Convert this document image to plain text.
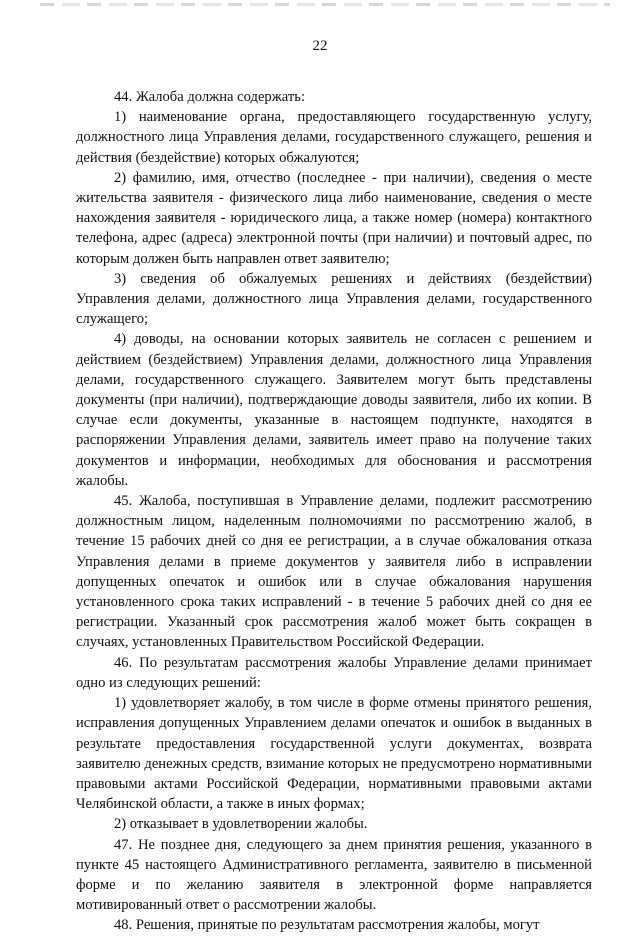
22

44. Жалоба должна содержать:

1) наименование органа, предоставляющего государственную услугу, должностного лица Управления делами, государственного служащего, решения и действия (бездействие) которых обжалуются;

2) фамилию, имя, отчество (последнее - при наличии), сведения о месте жительства заявителя - физического лица либо наименование, сведения о месте нахождения заявителя - юридического лица, а также номер (номера) контактного телефона, адрес (адреса) электронной почты (при наличии) и почтовый адрес, по которым должен быть направлен ответ заявителю;

3) сведения об обжалуемых решениях и действиях (бездействии) Управления делами, должностного лица Управления делами, государственного служащего;

4) доводы, на основании которых заявитель не согласен с решением и действием (бездействием) Управления делами, должностного лица Управления делами, государственного служащего. Заявителем могут быть представлены документы (при наличии), подтверждающие доводы заявителя, либо их копии. В случае если документы, указанные в настоящем подпункте, находятся в распоряжении Управления делами, заявитель имеет право на получение таких документов и информации, необходимых для обоснования и рассмотрения жалобы.

45. Жалоба, поступившая в Управление делами, подлежит рассмотрению должностным лицом, наделенным полномочиями по рассмотрению жалоб, в течение 15 рабочих дней со дня ее регистрации, а в случае обжалования отказа Управления делами в приеме документов у заявителя либо в исправлении допущенных опечаток и ошибок или в случае обжалования нарушения установленного срока таких исправлений - в течение 5 рабочих дней со дня ее регистрации. Указанный срок рассмотрения жалоб может быть сокращен в случаях, установленных Правительством Российской Федерации.

46. По результатам рассмотрения жалобы Управление делами принимает одно из следующих решений:

1) удовлетворяет жалобу, в том числе в форме отмены принятого решения, исправления допущенных Управлением делами опечаток и ошибок в выданных в результате предоставления государственной услуги документах, возврата заявителю денежных средств, взимание которых не предусмотрено нормативными правовыми актами Российской Федерации, нормативными правовыми актами Челябинской области, а также в иных формах;

2) отказывает в удовлетворении жалобы.

47. Не позднее дня, следующего за днем принятия решения, указанного в пункте 45 настоящего Административного регламента, заявителю в письменной форме и по желанию заявителя в электронной форме направляется мотивированный ответ о рассмотрении жалобы.

48. Решения, принятые по результатам рассмотрения жалобы, могут
